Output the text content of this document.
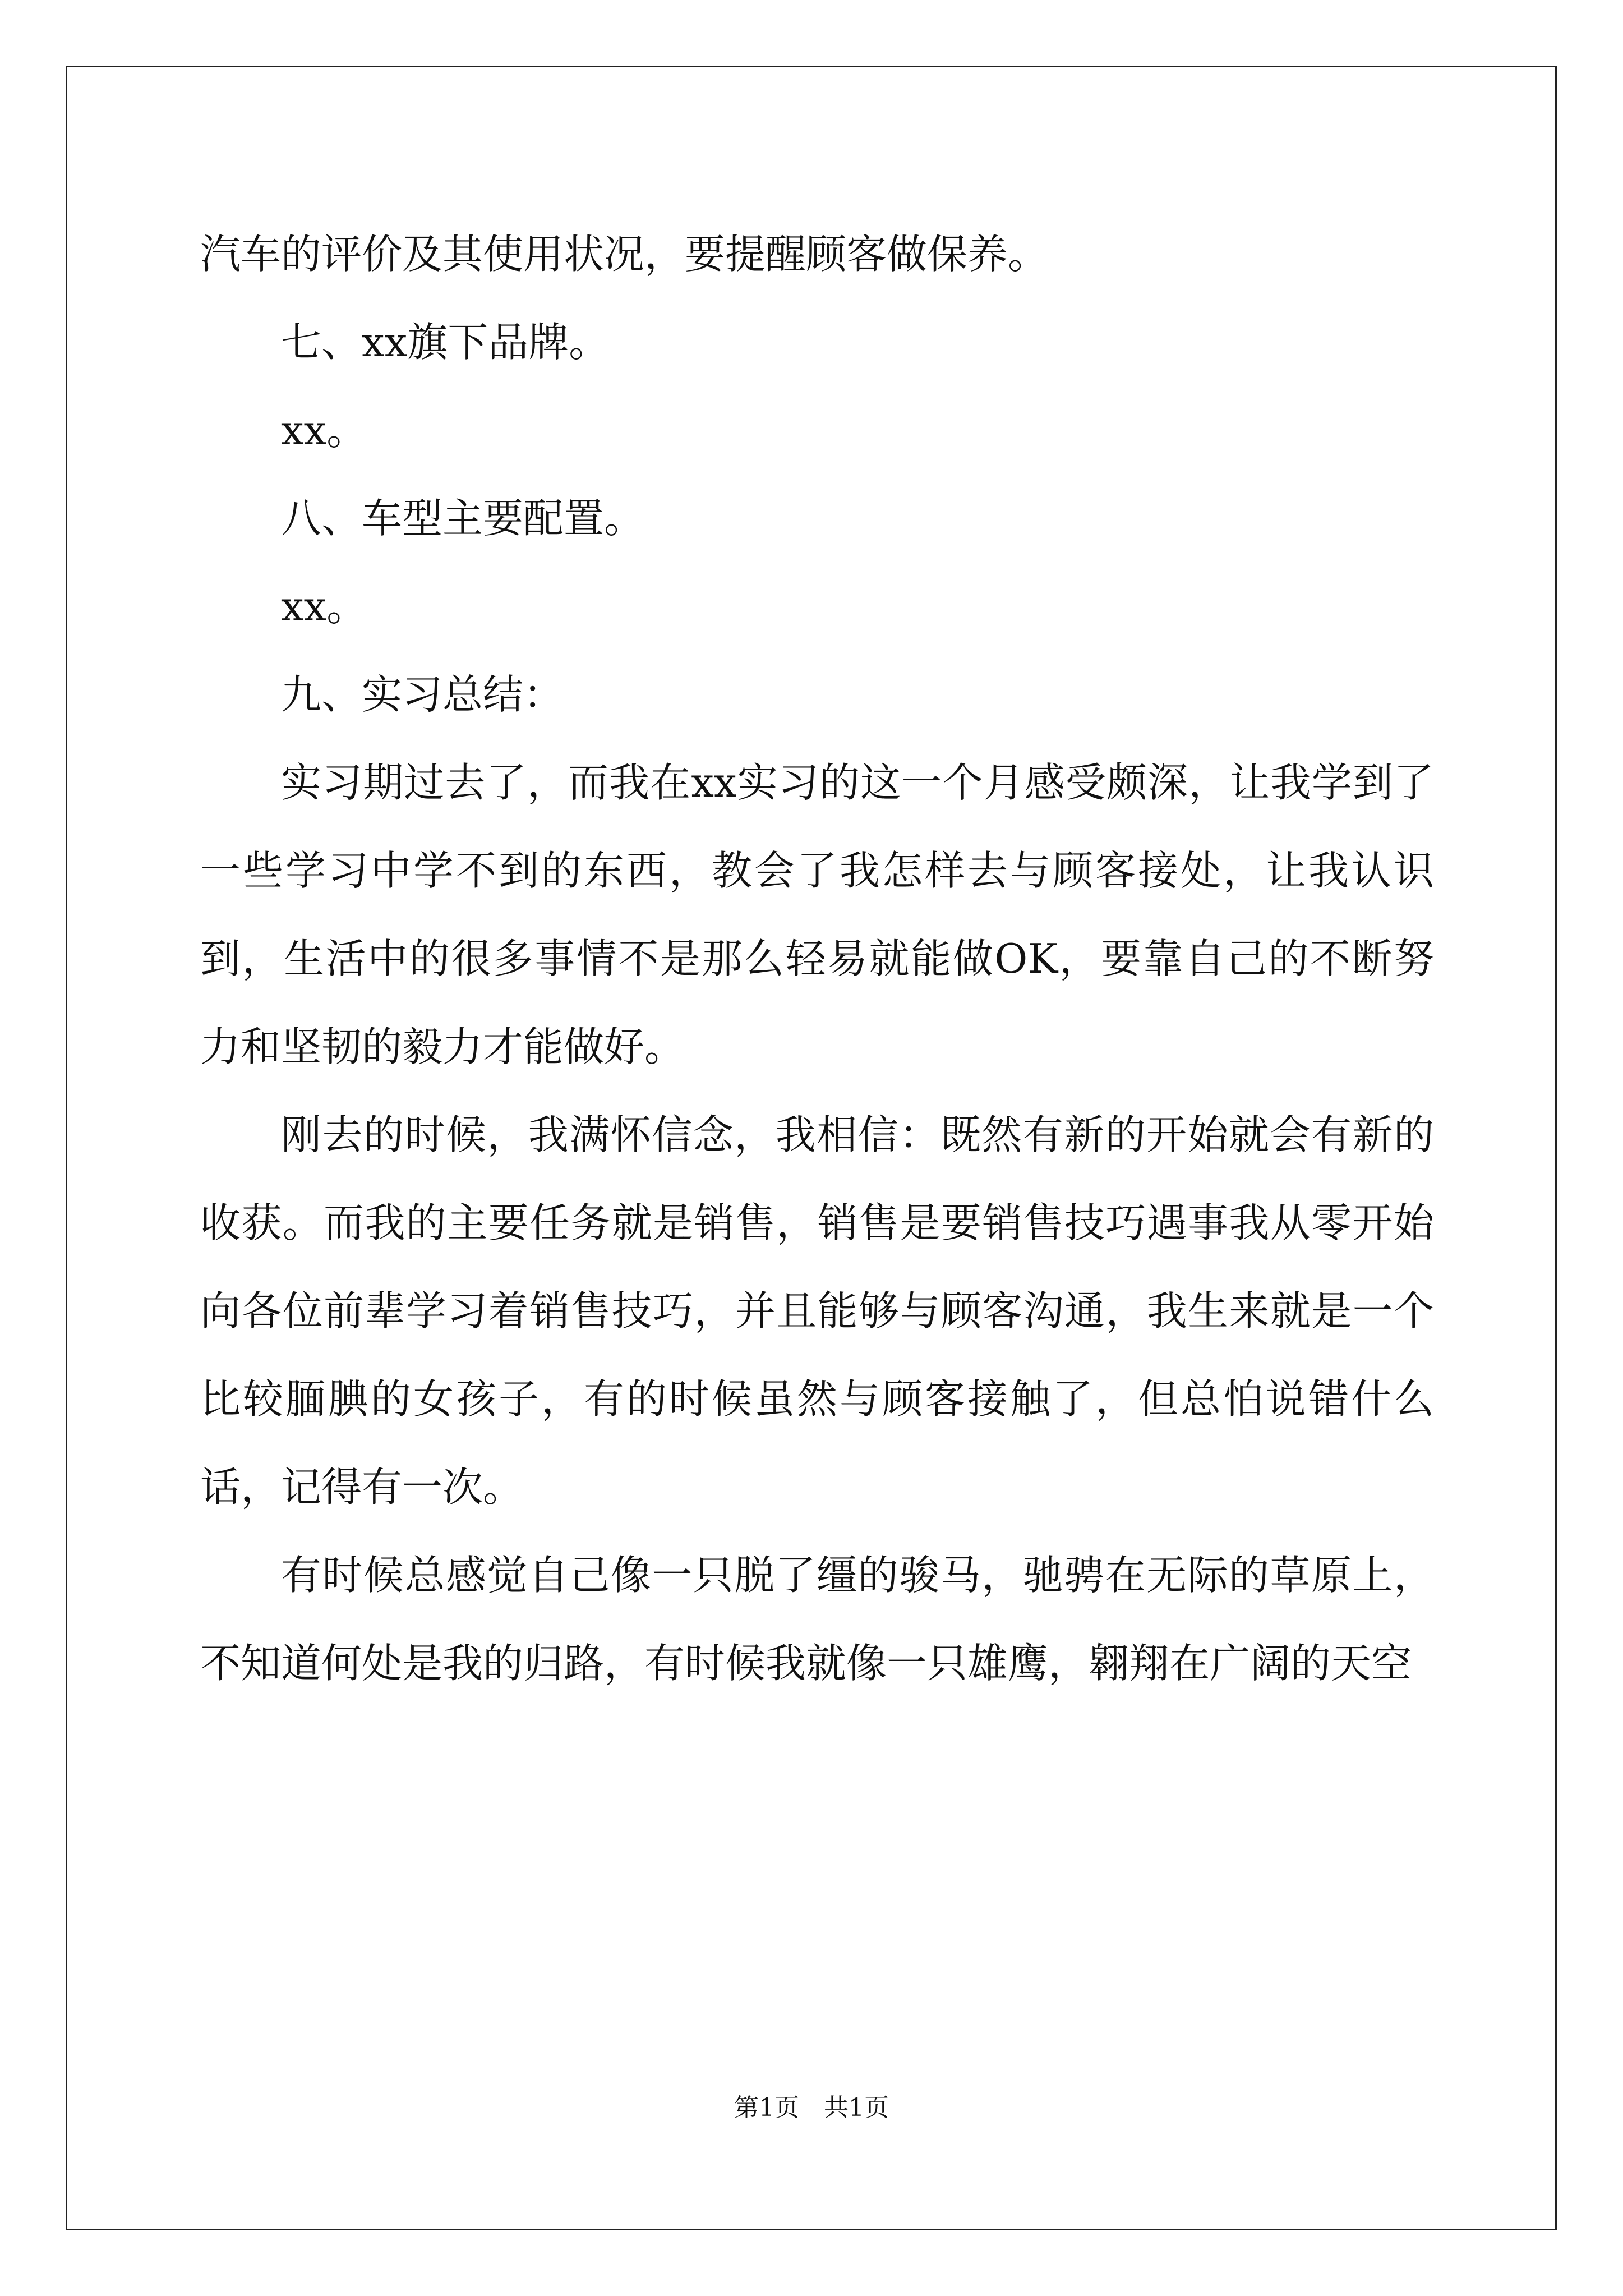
汽车的评价及其使用状况，要提醒顾客做保养。

七、xx旗下品牌。

xx。

八、车型主要配置。

xx。

九、实习总结：

实习期过去了，而我在xx实习的这一个月感受颇深，让我学到了一些学习中学不到的东西，教会了我怎样去与顾客接处，让我认识到，生活中的很多事情不是那么轻易就能做OK，要靠自己的不断努力和坚韧的毅力才能做好。

刚去的时候，我满怀信念，我相信：既然有新的开始就会有新的收获。而我的主要任务就是销售，销售是要销售技巧遇事我从零开始向各位前辈学习着销售技巧，并且能够与顾客沟通，我生来就是一个比较腼腆的女孩子，有的时候虽然与顾客接触了，但总怕说错什么话，记得有一次。

有时候总感觉自己像一只脱了缰的骏马，驰骋在无际的草原上，不知道何处是我的归路，有时候我就像一只雄鹰，翱翔在广阔的天空

第1页　共1页
